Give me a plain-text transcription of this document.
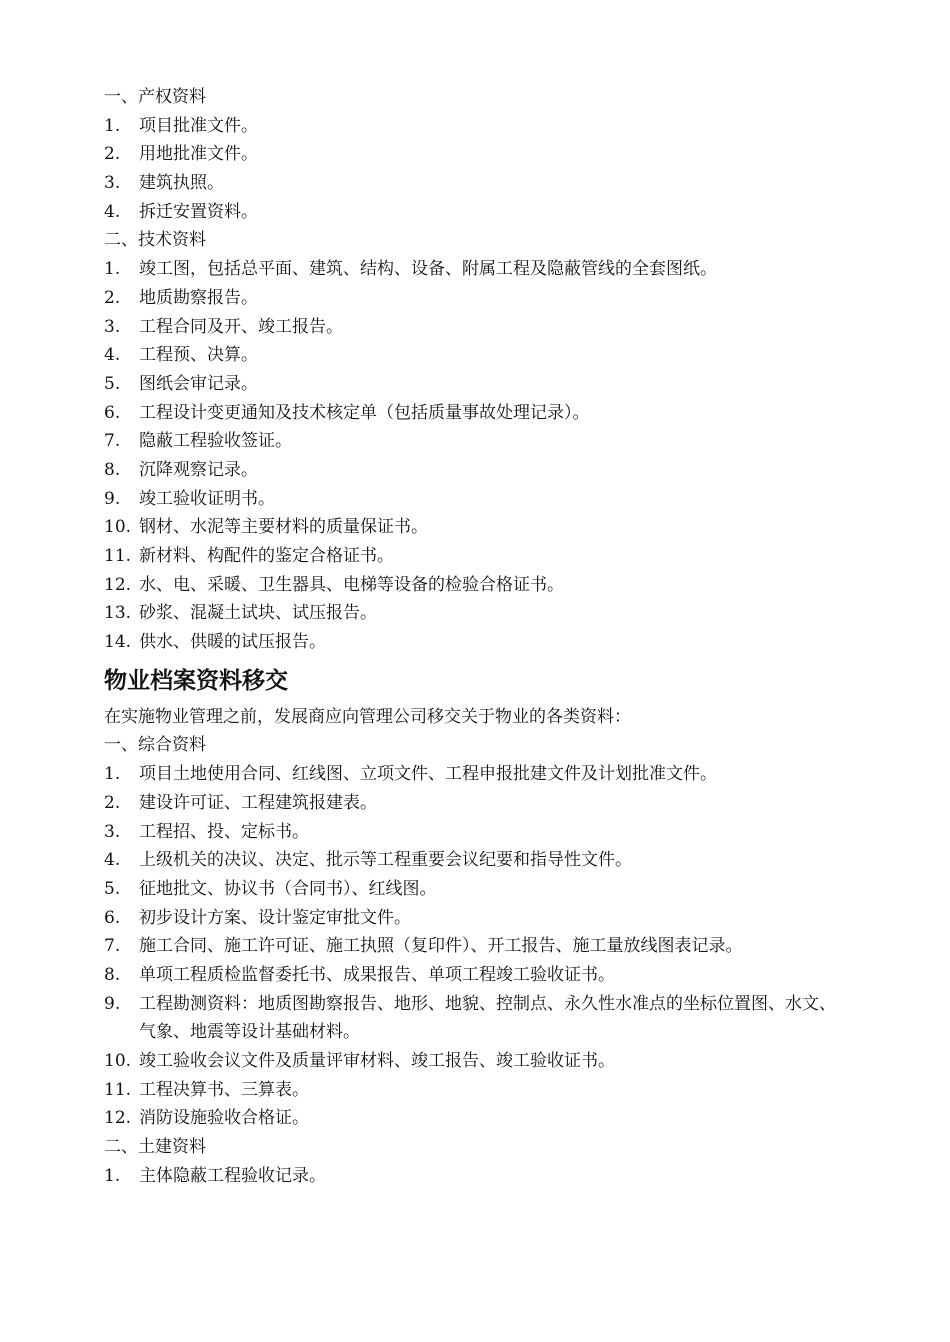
一、产权资料
1.	项目批准文件。
2.	用地批准文件。
3.	建筑执照。
4.	拆迁安置资料。
二、技术资料
1.	竣工图，包括总平面、建筑、结构、设备、附属工程及隐蔽管线的全套图纸。
2.	地质勘察报告。
3.	工程合同及开、竣工报告。
4.	工程预、决算。
5.	图纸会审记录。
6.	工程设计变更通知及技术核定单（包括质量事故处理记录）。
7.	隐蔽工程验收签证。
8.	沉降观察记录。
9.	竣工验收证明书。
10. 钢材、水泥等主要材料的质量保证书。
11. 新材料、构配件的鉴定合格证书。
12. 水、电、采暖、卫生器具、电梯等设备的检验合格证书。
13. 砂浆、混凝土试块、试压报告。
14. 供水、供暖的试压报告。
物业档案资料移交
在实施物业管理之前，发展商应向管理公司移交关于物业的各类资料：
一、综合资料
1.	项目土地使用合同、红线图、立项文件、工程申报批建文件及计划批准文件。
2.	建设许可证、工程建筑报建表。
3.	工程招、投、定标书。
4.	上级机关的决议、决定、批示等工程重要会议纪要和指导性文件。
5.	征地批文、协议书（合同书）、红线图。
6.	初步设计方案、设计鉴定审批文件。
7.	施工合同、施工许可证、施工执照（复印件）、开工报告、施工量放线图表记录。
8.	单项工程质检监督委托书、成果报告、单项工程竣工验收证书。
9.	工程勘测资料：地质图勘察报告、地形、地貌、控制点、永久性水准点的坐标位置图、水文、气象、地震等设计基础材料。
10. 竣工验收会议文件及质量评审材料、竣工报告、竣工验收证书。
11. 工程决算书、三算表。
12. 消防设施验收合格证。
二、土建资料
1.	主体隐蔽工程验收记录。
